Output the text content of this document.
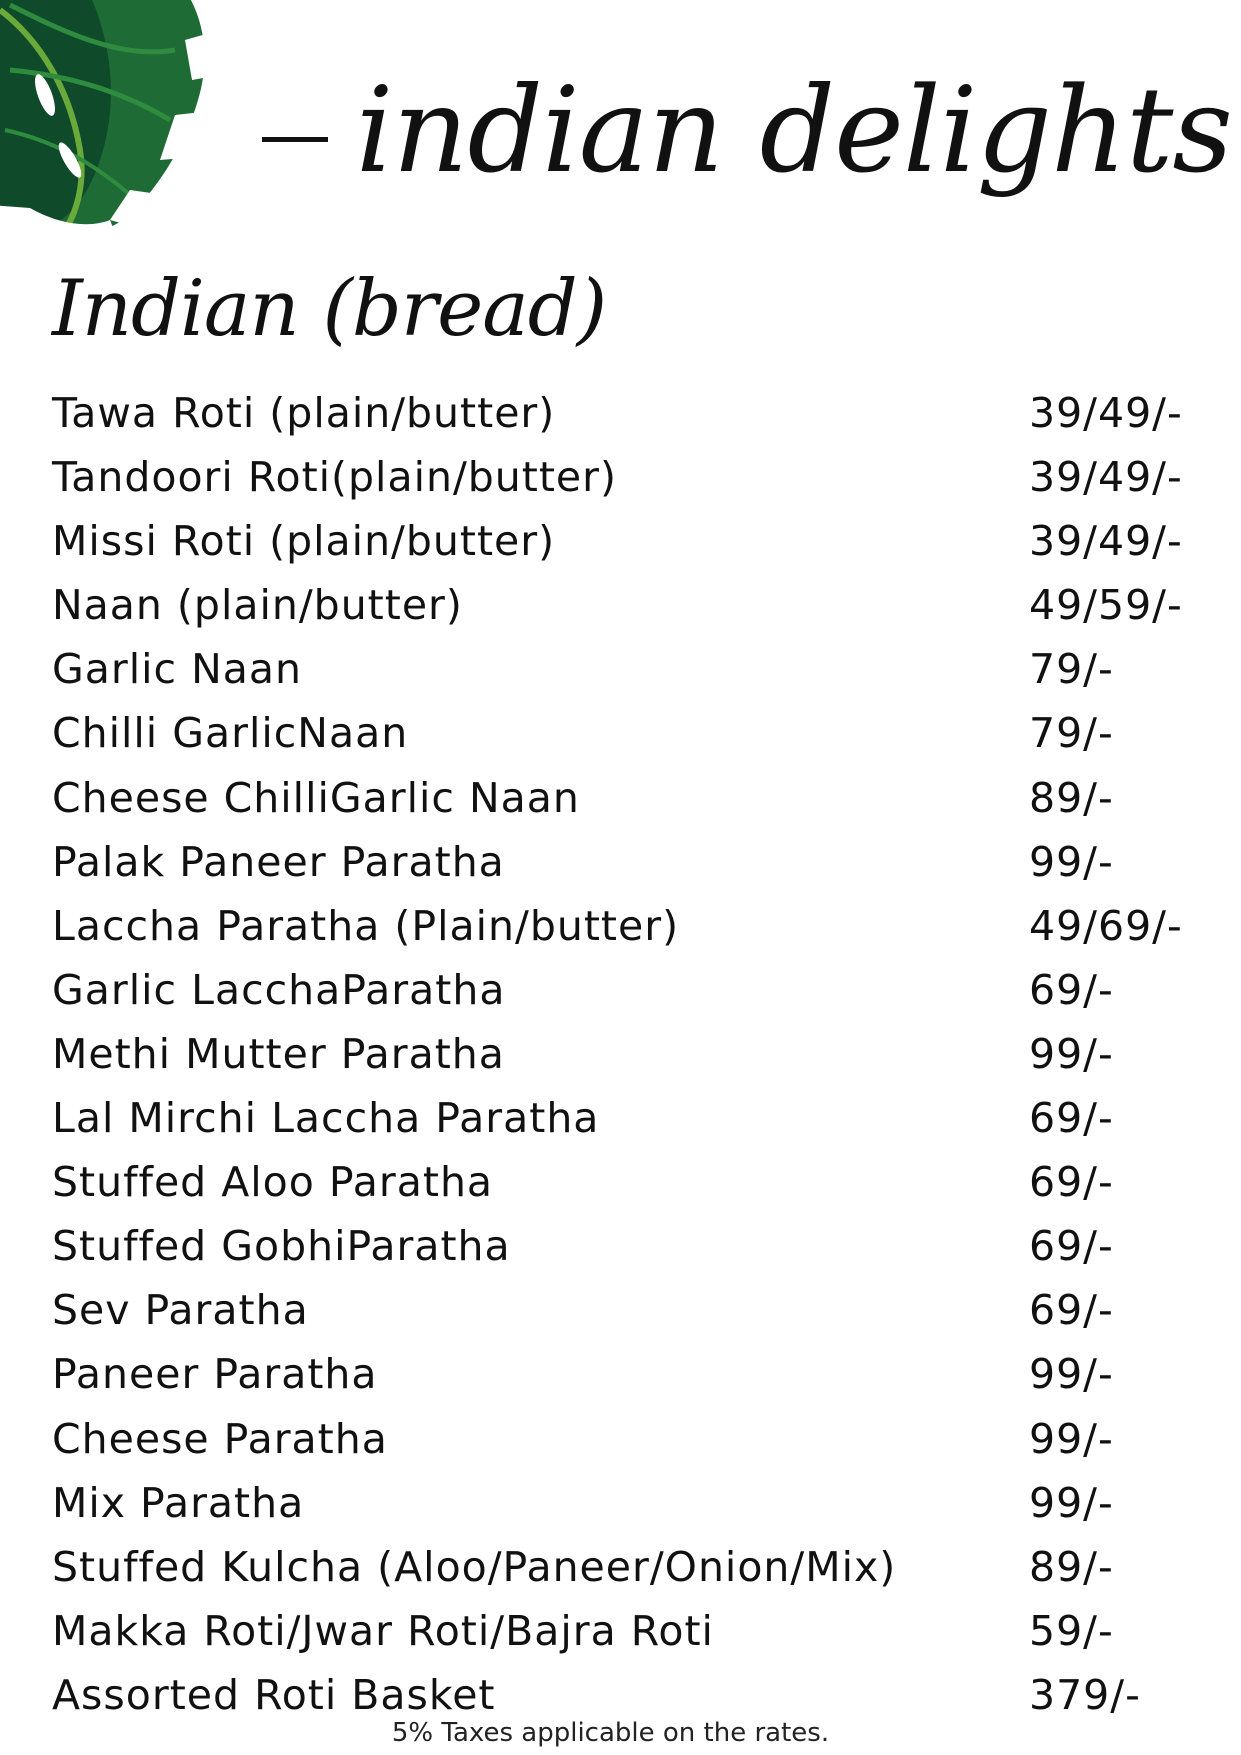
indian delights
Indian (bread)
Tawa Roti (plain/butter)	39/49/-
Tandoori Roti(plain/butter)	39/49/-
Missi Roti (plain/butter)	39/49/-
Naan (plain/butter)	49/59/-
Garlic Naan	79/-
Chilli GarlicNaan	79/-
Cheese ChilliGarlic Naan	89/-
Palak Paneer Paratha	99/-
Laccha Paratha (Plain/butter)	49/69/-
Garlic LacchaParatha	69/-
Methi Mutter Paratha	99/-
Lal Mirchi Laccha Paratha	69/-
Stuffed Aloo Paratha	69/-
Stuffed GobhiParatha	69/-
Sev Paratha	69/-
Paneer Paratha	99/-
Cheese Paratha	99/-
Mix Paratha	99/-
Stuffed Kulcha (Aloo/Paneer/Onion/Mix)	89/-
Makka Roti/Jwar Roti/Bajra Roti	59/-
Assorted Roti Basket	379/-
5% Taxes applicable on the rates.
